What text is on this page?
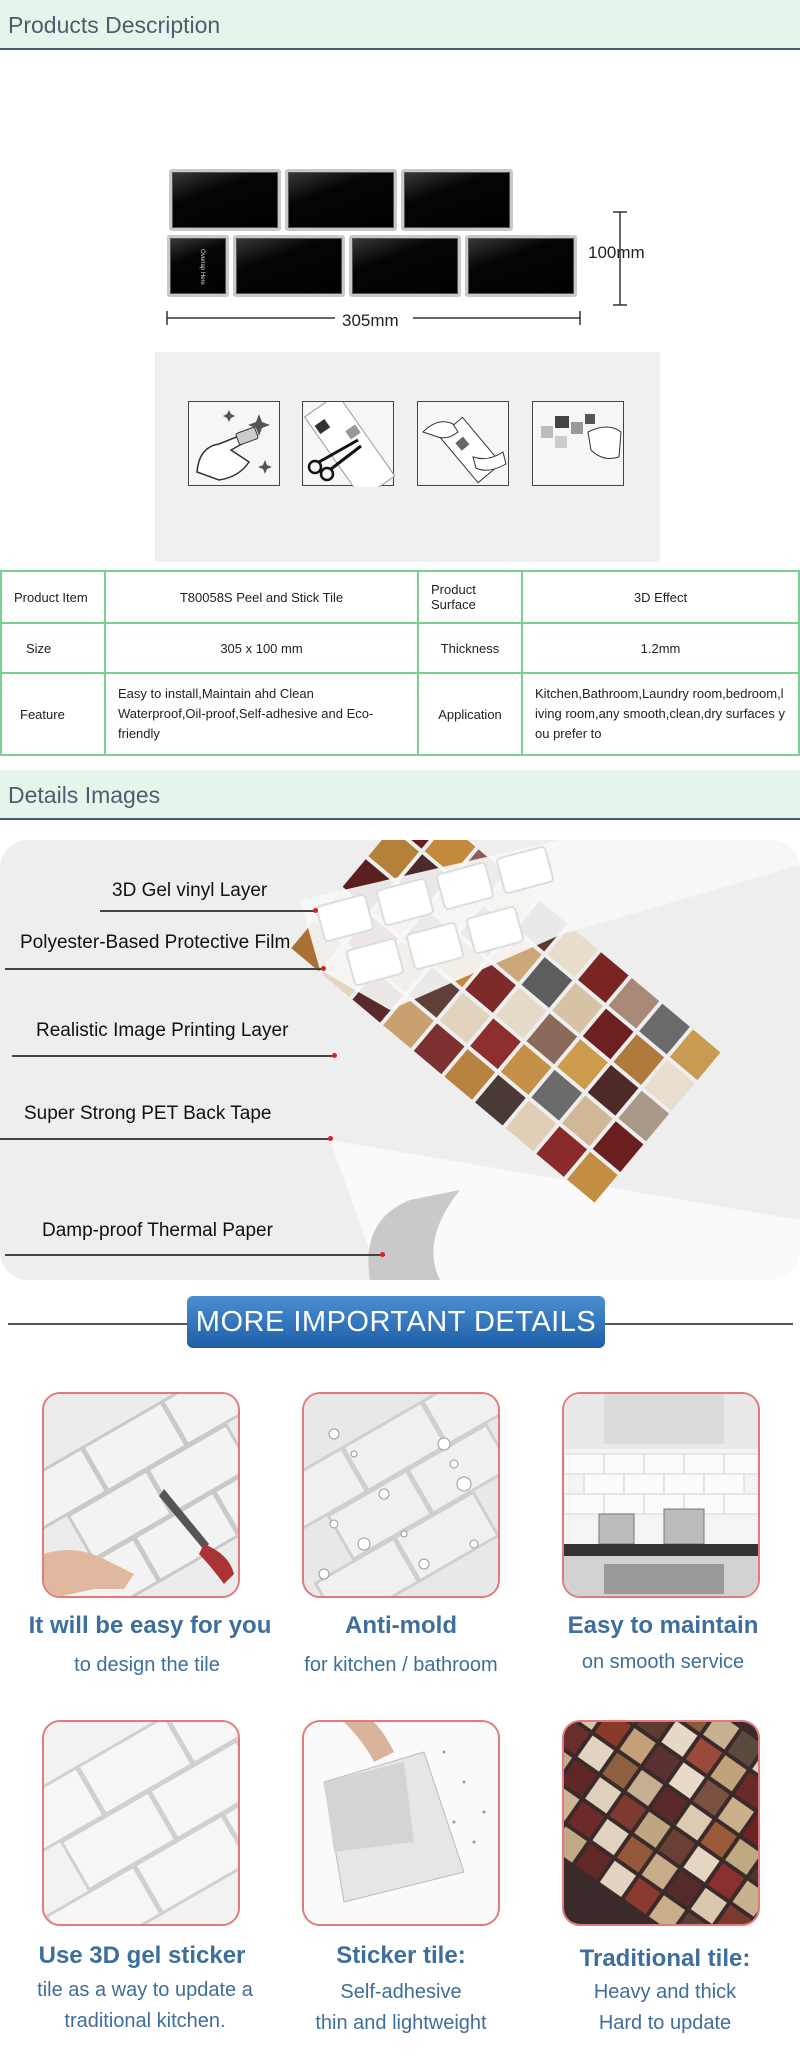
Products Description
Overlap Here	100mm
305mm
Product Item	T80058S Peel and Stick Tile	Product Surface	3D Effect
Size	305 x 100 mm	Thickness	1.2mm
Feature	Easy to install,Maintain ahd Clean Waterproof,Oil-proof,Self-adhesive and Eco-friendly	Application	Kitchen,Bathroom,Laundry room,bedroom,living room,any smooth,clean,dry surfaces you prefer to
Details Images
3D Gel vinyl Layer
Polyester-Based Protective Film
Realistic Image Printing Layer
Super Strong PET Back Tape
Damp-proof Thermal Paper
MORE IMPORTANT DETAILS
It will be easy for you
to design the tile
Anti-mold
for kitchen / bathroom
Easy to maintain
on smooth service
Use 3D gel sticker
tile as a way to update a
traditional kitchen.
Sticker tile:
Self-adhesive
thin and lightweight
Traditional tile:
Heavy and thick
Hard to update
